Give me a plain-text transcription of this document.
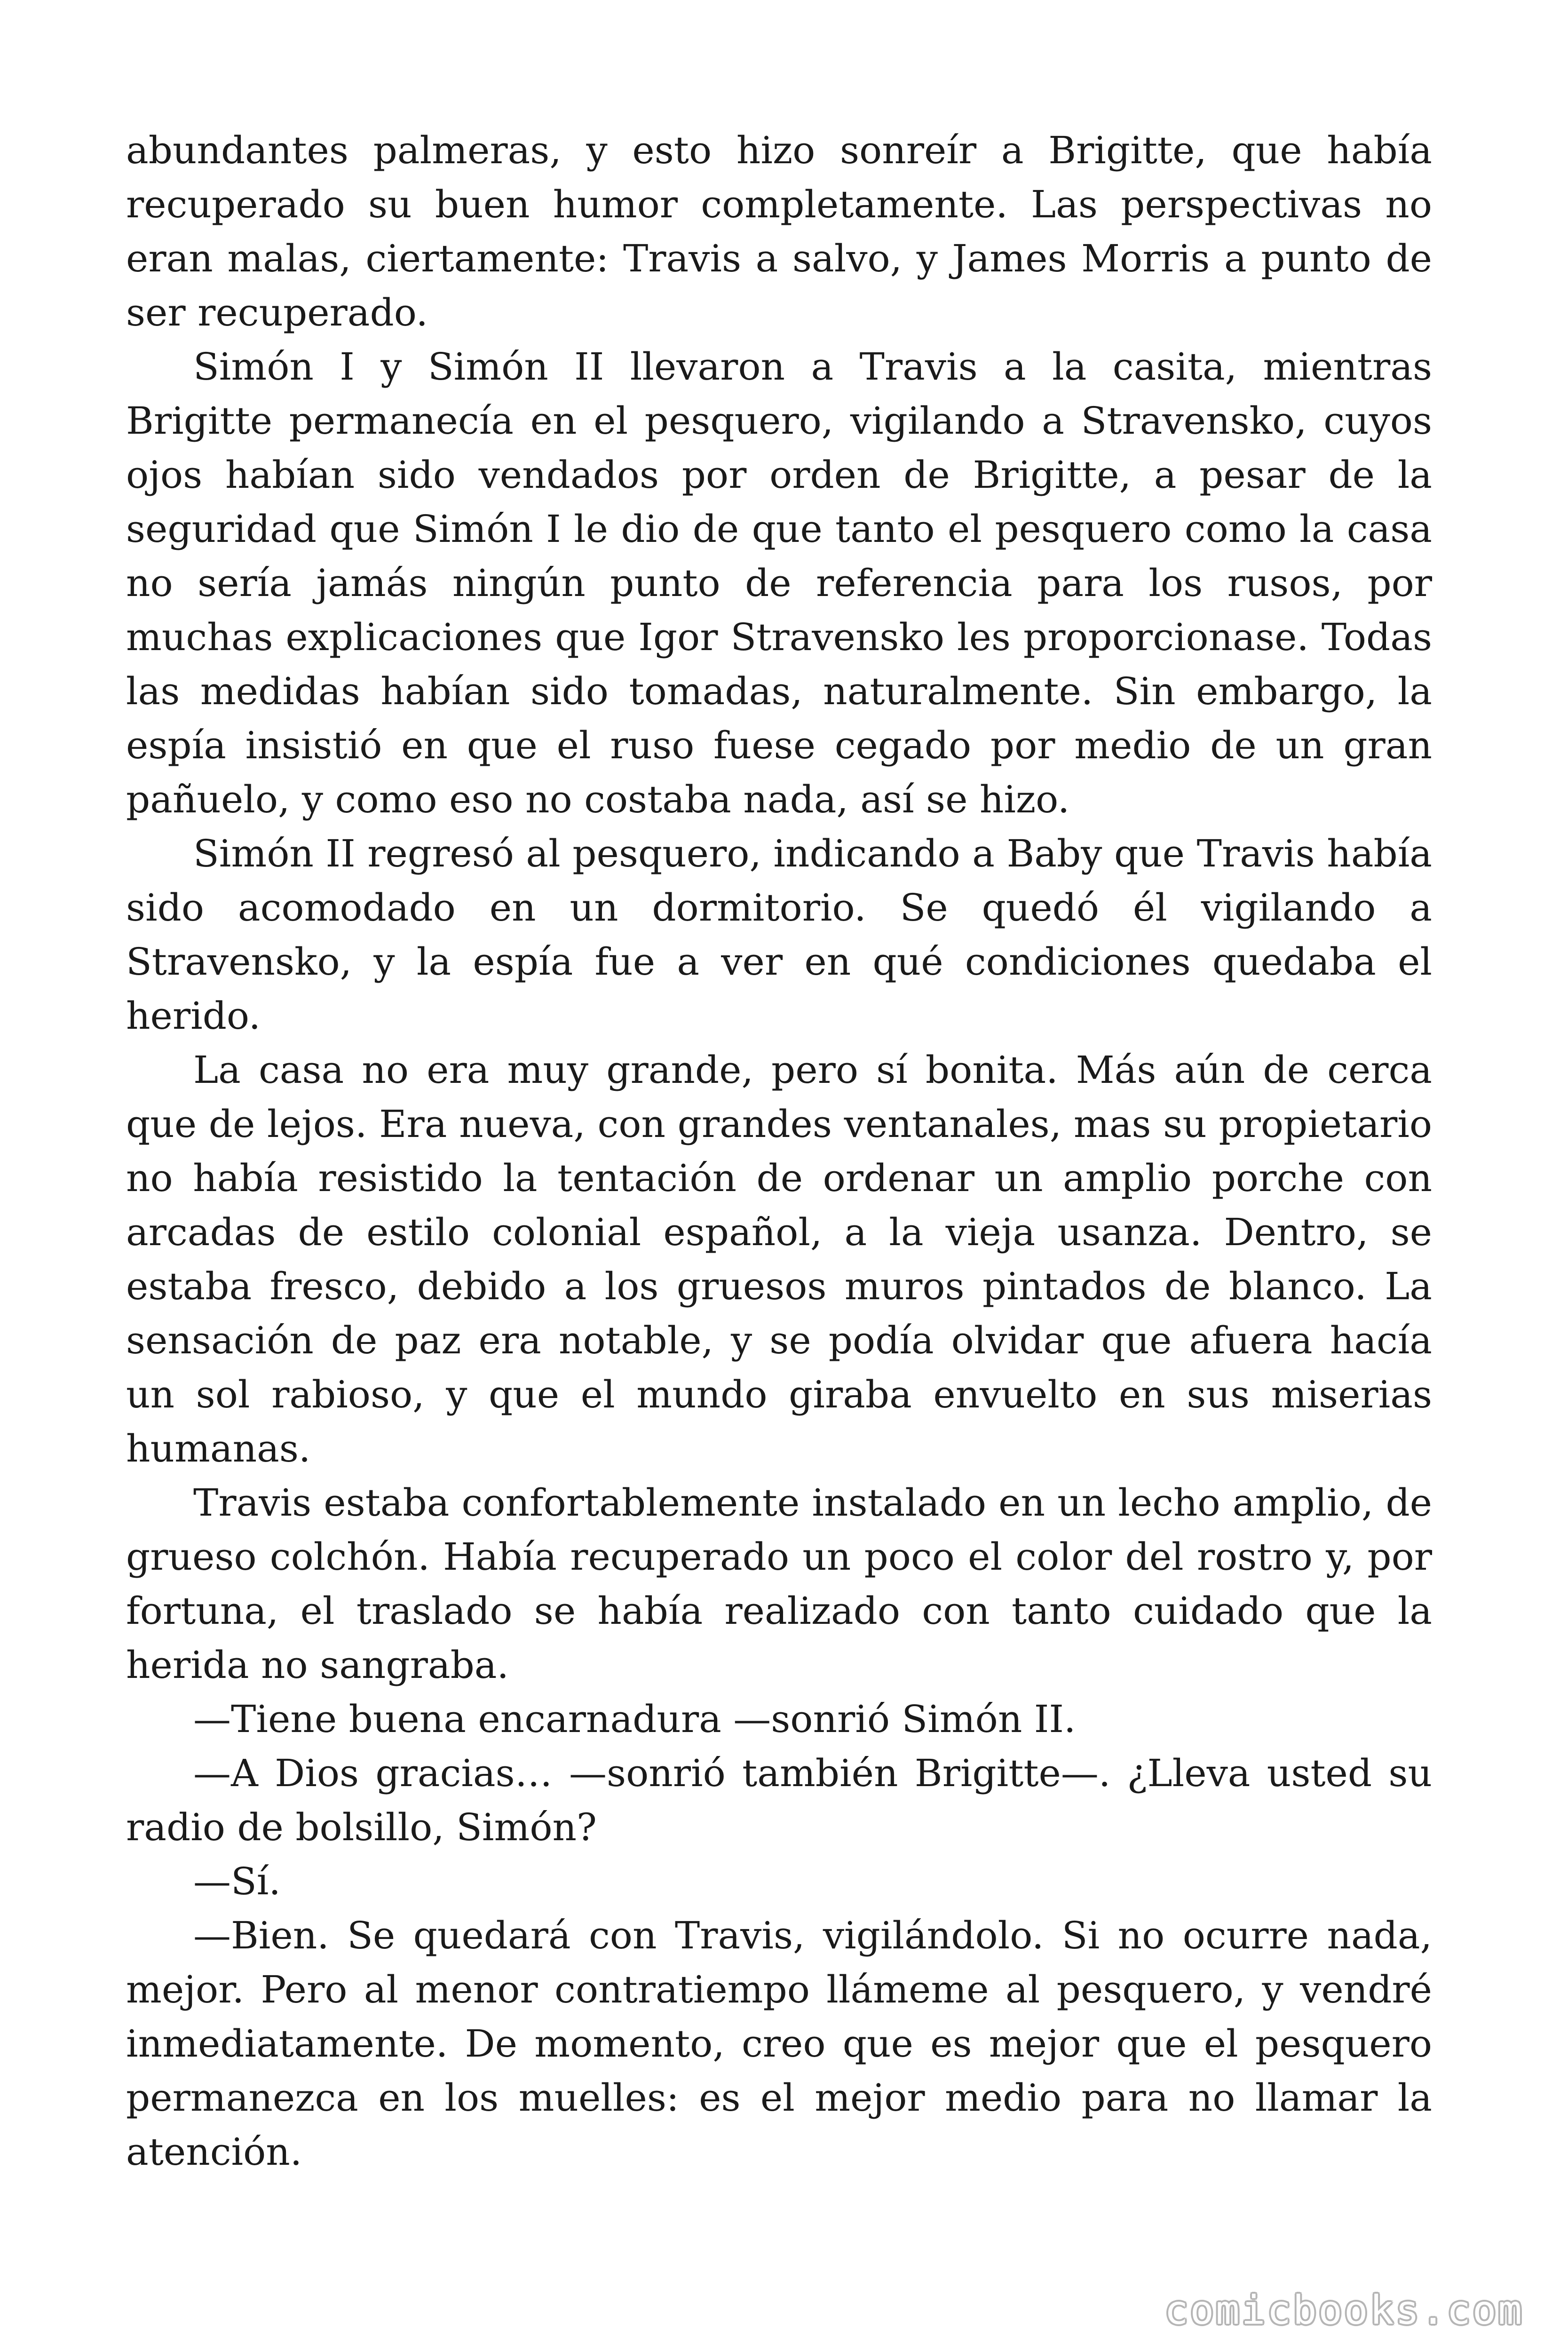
abundantes palmeras, y esto hizo sonreír a Brigitte, que había recuperado su buen humor completamente. Las perspectivas no eran malas, ciertamente: Travis a salvo, y James Morris a punto de ser recuperado.

Simón I y Simón II llevaron a Travis a la casita, mientras Brigitte permanecía en el pesquero, vigilando a Stravensko, cuyos ojos habían sido vendados por orden de Brigitte, a pesar de la seguridad que Simón I le dio de que tanto el pesquero como la casa no sería jamás ningún punto de referencia para los rusos, por muchas explicaciones que Igor Stravensko les proporcionase. Todas las medidas habían sido tomadas, naturalmente. Sin embargo, la espía insistió en que el ruso fuese cegado por medio de un gran pañuelo, y como eso no costaba nada, así se hizo.

Simón II regresó al pesquero, indicando a Baby que Travis había sido acomodado en un dormitorio. Se quedó él vigilando a Stravensko, y la espía fue a ver en qué condiciones quedaba el herido.

La casa no era muy grande, pero sí bonita. Más aún de cerca que de lejos. Era nueva, con grandes ventanales, mas su propietario no había resistido la tentación de ordenar un amplio porche con arcadas de estilo colonial español, a la vieja usanza. Dentro, se estaba fresco, debido a los gruesos muros pintados de blanco. La sensación de paz era notable, y se podía olvidar que afuera hacía un sol rabioso, y que el mundo giraba envuelto en sus miserias humanas.

Travis estaba confortablemente instalado en un lecho amplio, de grueso colchón. Había recuperado un poco el color del rostro y, por fortuna, el traslado se había realizado con tanto cuidado que la herida no sangraba.

—Tiene buena encarnadura —sonrió Simón II.

—A Dios gracias… —sonrió también Brigitte—. ¿Lleva usted su radio de bolsillo, Simón?

—Sí.

—Bien. Se quedará con Travis, vigilándolo. Si no ocurre nada, mejor. Pero al menor contratiempo llámeme al pesquero, y vendré inmediatamente. De momento, creo que es mejor que el pesquero permanezca en los muelles: es el mejor medio para no llamar la atención.

comicbooks.com
